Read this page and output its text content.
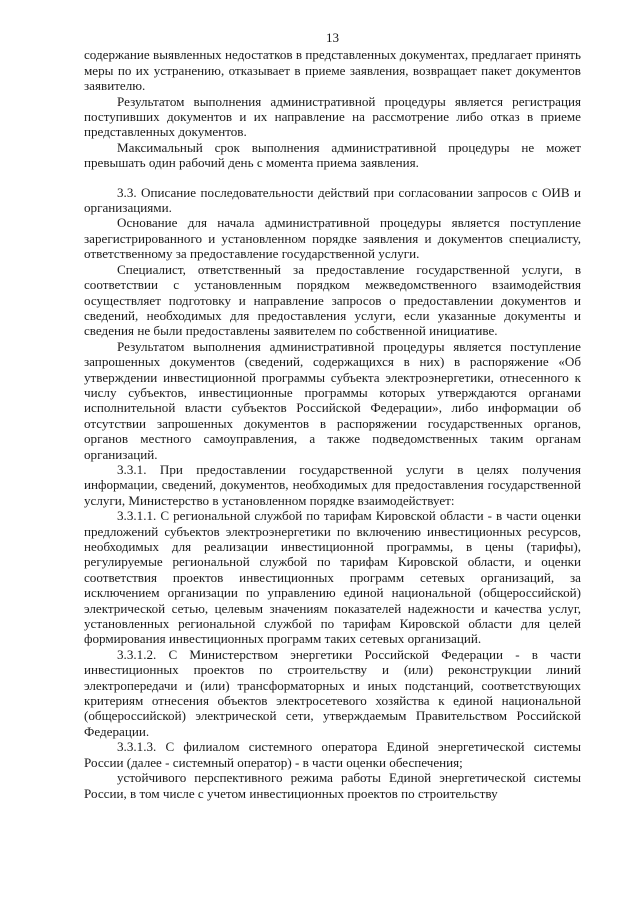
13

содержание выявленных недостатков в представленных документах, предлагает принять меры по их устранению, отказывает в приеме заявления, возвращает пакет документов заявителю.

Результатом выполнения административной процедуры является регистрация поступивших документов и их направление на рассмотрение либо отказ в приеме представленных документов.

Максимальный срок выполнения административной процедуры не может превышать один рабочий день с момента приема заявления.

3.3. Описание последовательности действий при согласовании запросов с ОИВ и организациями.

Основание для начала административной процедуры является поступление зарегистрированного и установленном порядке заявления и документов специалисту, ответственному за предоставление государственной услуги.

Специалист, ответственный за предоставление государственной услуги, в соответствии с установленным порядком межведомственного взаимодействия осуществляет подготовку и направление запросов о предоставлении документов и сведений, необходимых для предоставления услуги, если указанные документы и сведения не были предоставлены заявителем по собственной инициативе.

Результатом выполнения административной процедуры является поступление запрошенных документов (сведений, содержащихся в них) в распоряжение «Об утверждении инвестиционной программы субъекта электроэнергетики, отнесенного к числу субъектов, инвестиционные программы которых утверждаются органами исполнительной власти субъектов Российской Федерации», либо информации об отсутствии запрошенных документов в распоряжении государственных органов, органов местного самоуправления, а также подведомственных таким органам организаций.

3.3.1. При предоставлении государственной услуги в целях получения информации, сведений, документов, необходимых для предоставления государственной услуги, Министерство в установленном порядке взаимодействует:

3.3.1.1. С региональной службой по тарифам Кировской области - в части оценки предложений субъектов электроэнергетики по включению инвестиционных ресурсов, необходимых для реализации инвестиционной программы, в цены (тарифы), регулируемые региональной службой по тарифам Кировской области, и оценки соответствия проектов инвестиционных программ сетевых организаций, за исключением организации по управлению единой национальной (общероссийской) электрической сетью, целевым значениям показателей надежности и качества услуг, установленных региональной службой по тарифам Кировской области для целей формирования инвестиционных программ таких сетевых организаций.

3.3.1.2. С Министерством энергетики Российской Федерации - в части инвестиционных проектов по строительству и (или) реконструкции линий электропередачи и (или) трансформаторных и иных подстанций, соответствующих критериям отнесения объектов электросетевого хозяйства к единой национальной (общероссийской) электрической сети, утверждаемым Правительством Российской Федерации.

3.3.1.3. С филиалом системного оператора Единой энергетической системы России (далее - системный оператор) - в части оценки обеспечения;

устойчивого перспективного режима работы Единой энергетической системы России, в том числе с учетом инвестиционных проектов по строительству
